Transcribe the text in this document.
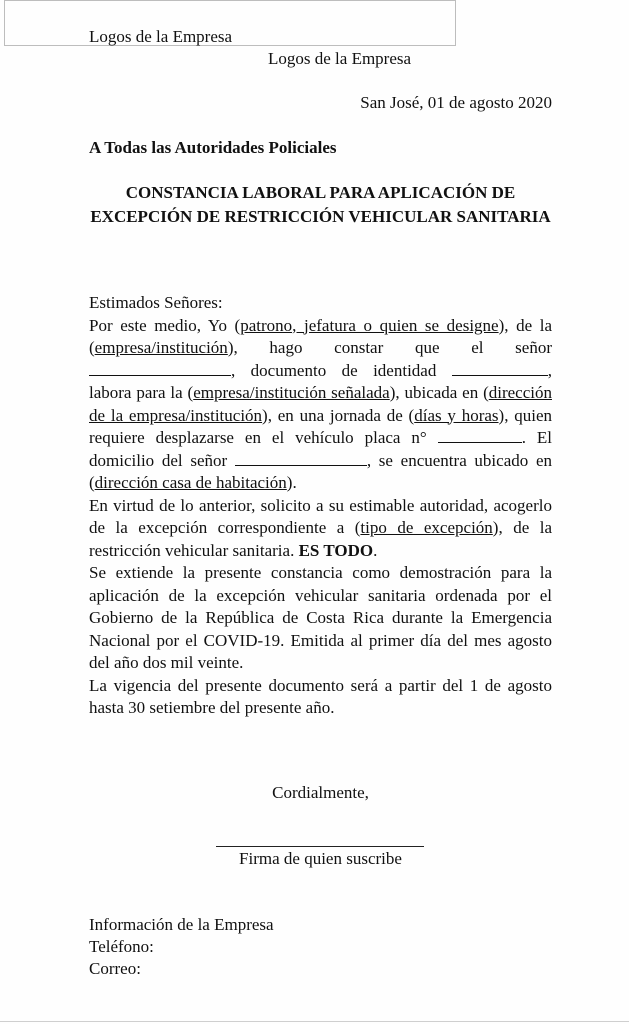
Logos de la Empresa
Logos de la Empresa
San José, 01 de agosto 2020
A Todas las Autoridades Policiales
CONSTANCIA LABORAL PARA APLICACIÓN DE EXCEPCIÓN DE RESTRICCIÓN VEHICULAR SANITARIA
Estimados Señores:

Por este medio, Yo (patrono, jefatura o quien se designe), de la (empresa/institución), hago constar que el señor , documento de identidad	, labora para la (empresa/institución señalada), ubicada en (dirección de la empresa/institución), en una jornada de (días y horas), quien requiere desplazarse en el vehículo placa n°	. El domicilio del señor	, se encuentra ubicado en (dirección casa de habitación).

En virtud de lo anterior, solicito a su estimable autoridad, acogerlo de la excepción correspondiente a (tipo de excepción), de la restricción vehicular sanitaria. ES TODO.

Se extiende la presente constancia como demostración para la aplicación de la excepción vehicular sanitaria ordenada por el Gobierno de la República de Costa Rica durante la Emergencia Nacional por el COVID-19. Emitida al primer día del mes agosto del año dos mil veinte.

La vigencia del presente documento será a partir del 1 de agosto hasta 30 setiembre del presente año.

Cordialmente,
Firma de quien suscribe
Información de la Empresa
Teléfono:
Correo:
